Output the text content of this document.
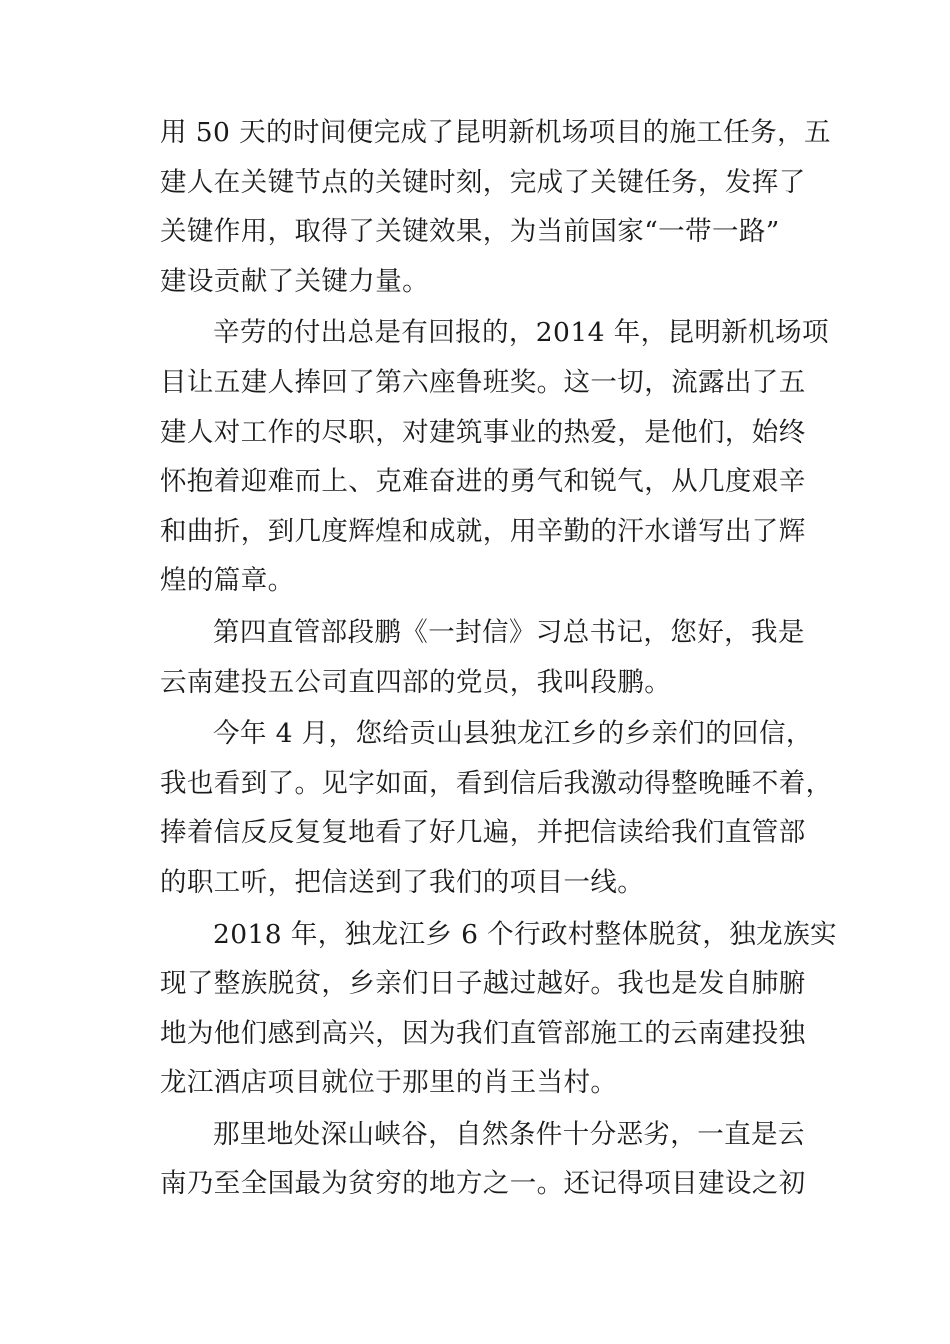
用 50 天的时间便完成了昆明新机场项目的施工任务，五
建人在关键节点的关键时刻，完成了关键任务，发挥了
关键作用，取得了关键效果，为当前国家“一带一路”
建设贡献了关键力量。
辛劳的付出总是有回报的，2014 年，昆明新机场项
目让五建人捧回了第六座鲁班奖。这一切，流露出了五
建人对工作的尽职，对建筑事业的热爱，是他们，始终
怀抱着迎难而上、克难奋进的勇气和锐气，从几度艰辛
和曲折，到几度辉煌和成就，用辛勤的汗水谱写出了辉
煌的篇章。
第四直管部段鹏《一封信》习总书记，您好，我是
云南建投五公司直四部的党员，我叫段鹏。
今年 4 月，您给贡山县独龙江乡的乡亲们的回信，
我也看到了。见字如面，看到信后我激动得整晚睡不着，
捧着信反反复复地看了好几遍，并把信读给我们直管部
的职工听，把信送到了我们的项目一线。
2018 年，独龙江乡 6 个行政村整体脱贫，独龙族实
现了整族脱贫，乡亲们日子越过越好。我也是发自肺腑
地为他们感到高兴，因为我们直管部施工的云南建投独
龙江酒店项目就位于那里的肖王当村。
那里地处深山峡谷，自然条件十分恶劣，一直是云
南乃至全国最为贫穷的地方之一。还记得项目建设之初
